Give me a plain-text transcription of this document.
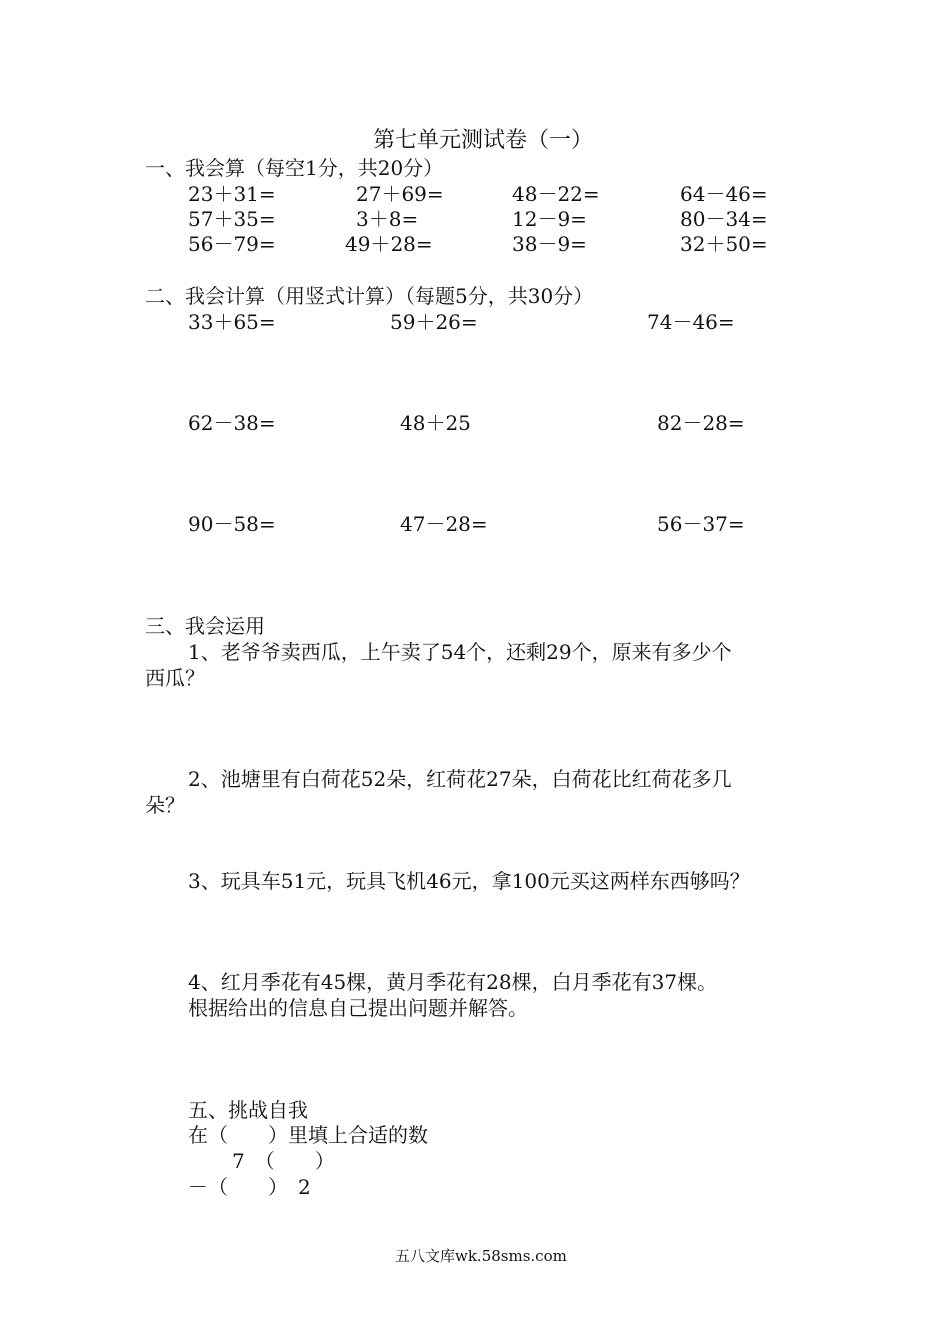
第七单元测试卷（一）
一、我会算（每空1分，共20分）
23＋31=	27＋69=	48－22=	64－46=
57＋35=	3＋8=	12－9=	80－34=
56－79=	49＋28=	38－9=	32＋50=
二、我会计算（用竖式计算）（每题5分，共30分）
33＋65=	59＋26=	74－46=
62－38=	48＋25	82－28=
90－58=	47－28=	56－37=
三、我会运用
1、老爷爷卖西瓜，上午卖了54个，还剩29个，原来有多少个
西瓜？
2、池塘里有白荷花52朵，红荷花27朵，白荷花比红荷花多几
朵？
3、玩具车51元，玩具飞机46元，拿100元买这两样东西够吗？
4、红月季花有45棵，黄月季花有28棵，白月季花有37棵。
根据给出的信息自己提出问题并解答。
五、挑战自我
在（　　）里填上合适的数
7　（　　）
－（　　）　2
五八文库wk.58sms.com
